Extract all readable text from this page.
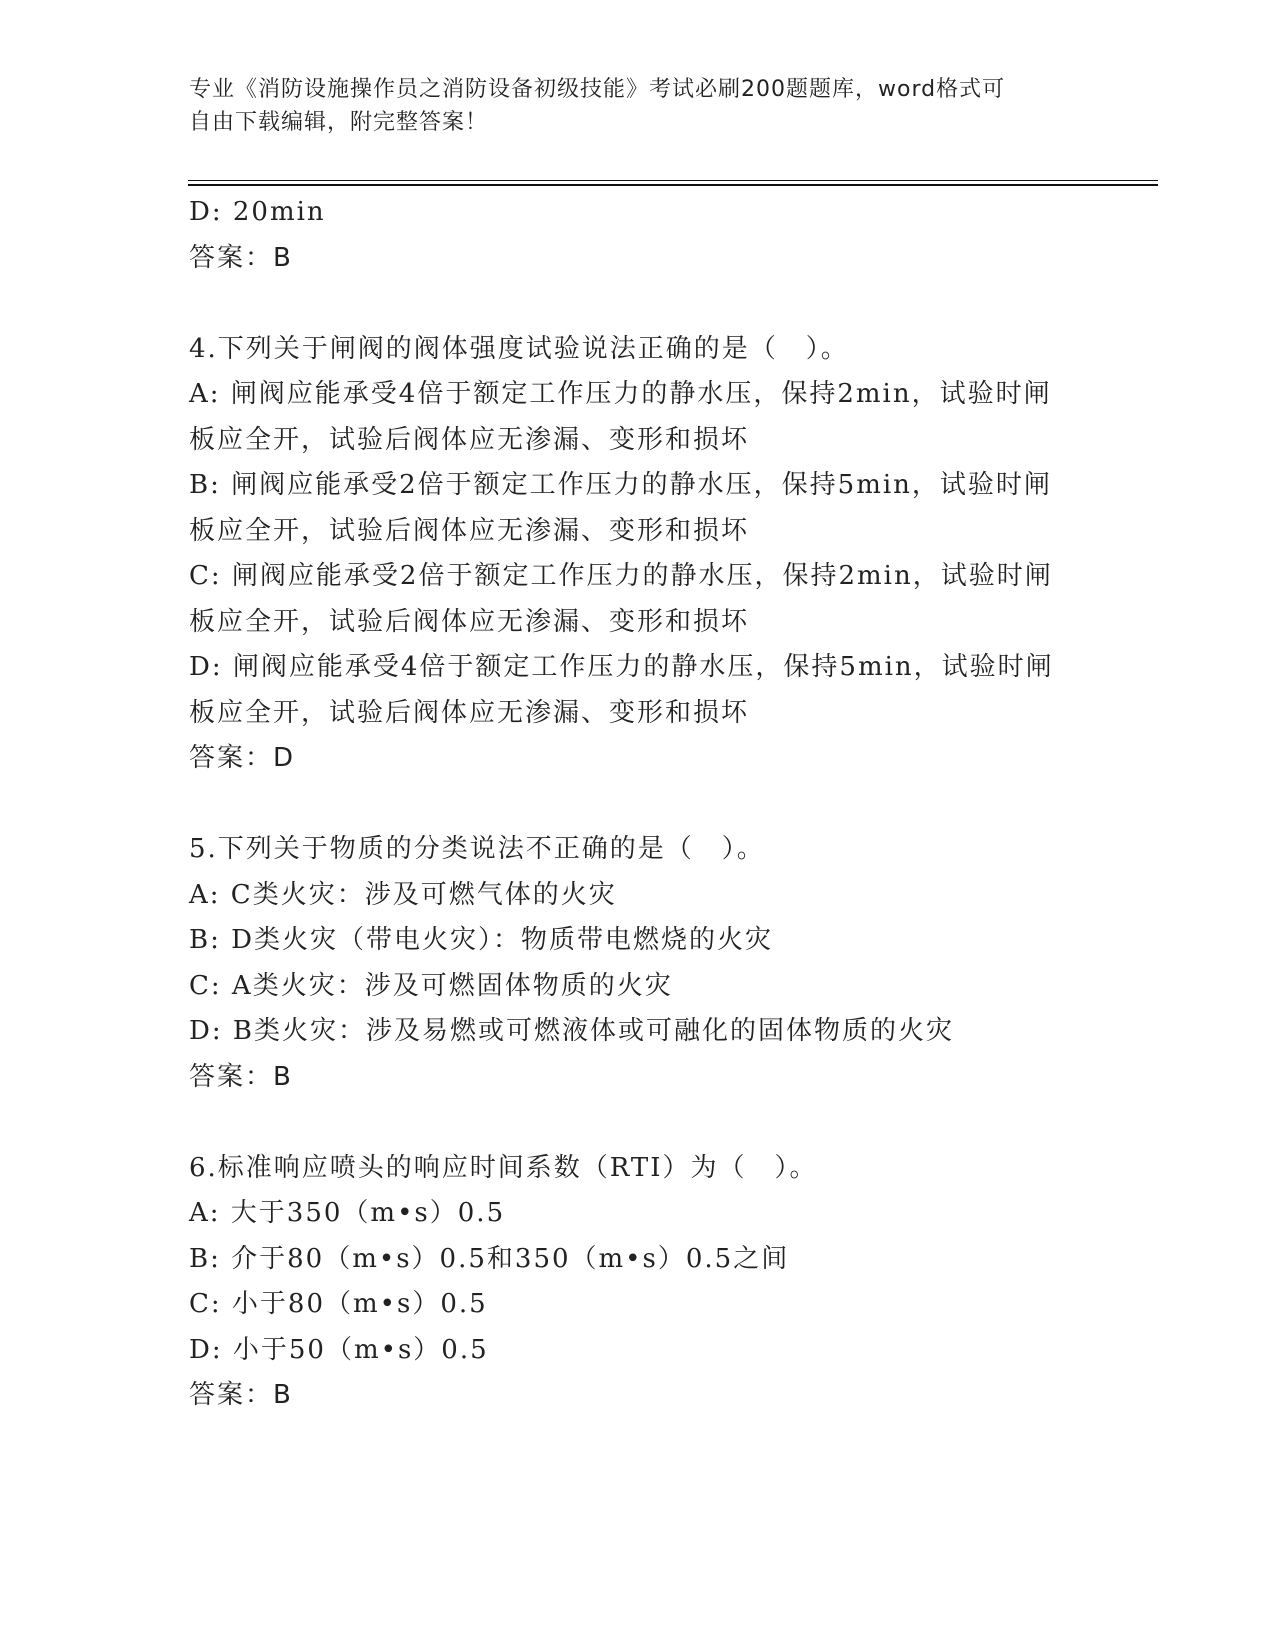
专业《消防设施操作员之消防设备初级技能》考试必刷200题题库，word格式可
自由下载编辑，附完整答案！
D: 20min
答案：B
4.下列关于闸阀的阀体强度试验说法正确的是（　）。
A: 闸阀应能承受4倍于额定工作压力的静水压，保持2min，试验时闸
板应全开，试验后阀体应无渗漏、变形和损坏
B: 闸阀应能承受2倍于额定工作压力的静水压，保持5min，试验时闸
板应全开，试验后阀体应无渗漏、变形和损坏
C: 闸阀应能承受2倍于额定工作压力的静水压，保持2min，试验时闸
板应全开，试验后阀体应无渗漏、变形和损坏
D: 闸阀应能承受4倍于额定工作压力的静水压，保持5min，试验时闸
板应全开，试验后阀体应无渗漏、变形和损坏
答案：D
5.下列关于物质的分类说法不正确的是（　）。
A: C类火灾：涉及可燃气体的火灾
B: D类火灾（带电火灾）：物质带电燃烧的火灾
C: A类火灾：涉及可燃固体物质的火灾
D: B类火灾：涉及易燃或可燃液体或可融化的固体物质的火灾
答案：B
6.标准响应喷头的响应时间系数（RTI）为（　）。
A: 大于350（m•s）0.5
B: 介于80（m•s）0.5和350（m•s）0.5之间
C: 小于80（m•s）0.5
D: 小于50（m•s）0.5
答案：B
